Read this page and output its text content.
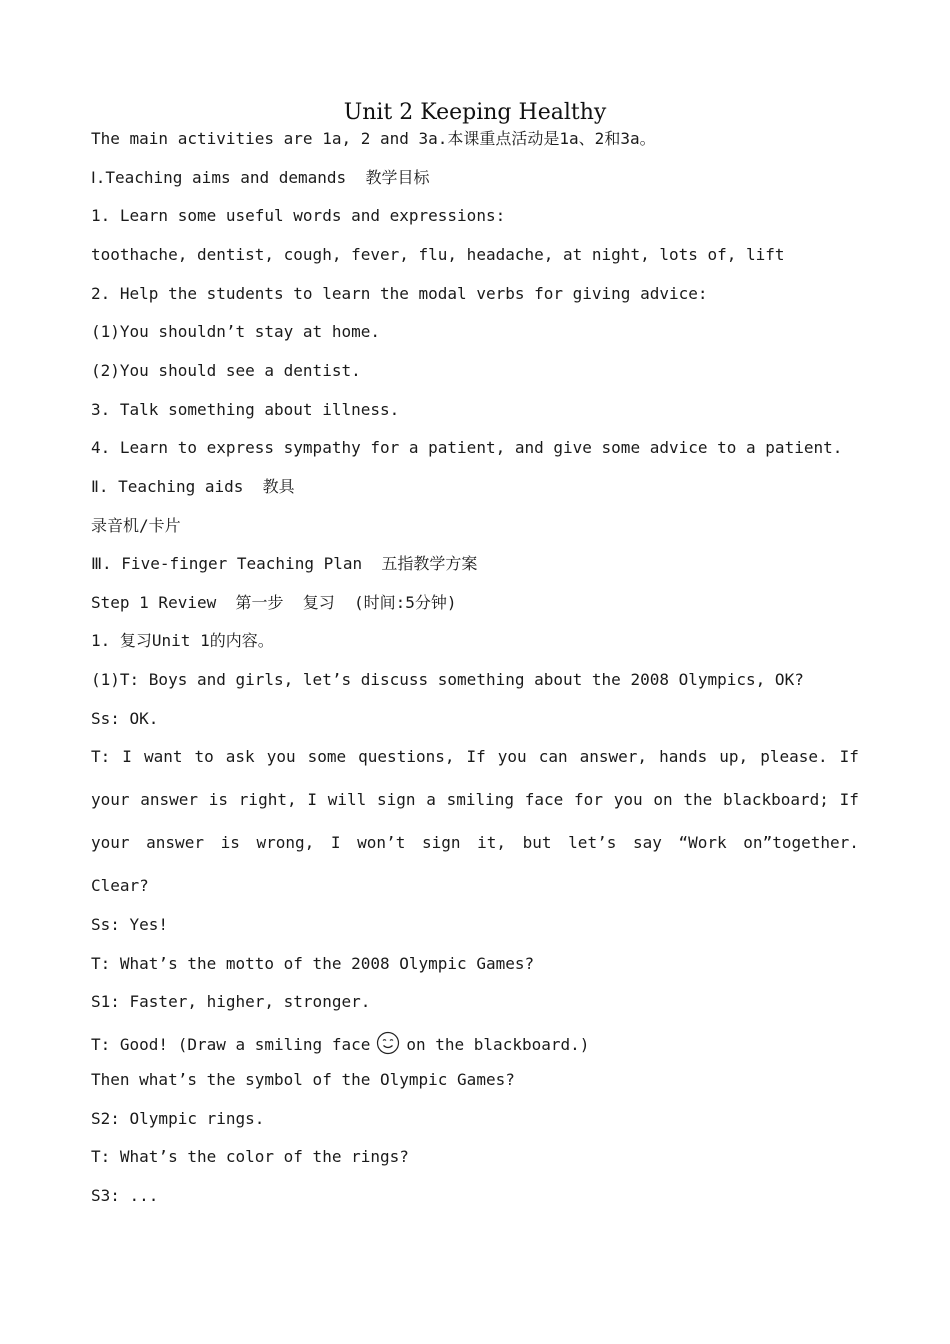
Unit 2 Keeping Healthy
The main activities are 1a, 2 and 3a.本课重点活动是1a、2和3a。
Ⅰ.Teaching aims and demands  教学目标
1. Learn some useful words and expressions:
toothache, dentist, cough, fever, flu, headache, at night, lots of, lift
2. Help the students to learn the modal verbs for giving advice:
(1)You shouldn’t stay at home.
(2)You should see a dentist.
3. Talk something about illness.
4. Learn to express sympathy for a patient, and give some advice to a patient.
Ⅱ. Teaching aids  教具
录音机/卡片
Ⅲ. Five-finger Teaching Plan  五指教学方案
Step 1 Review  第一步  复习  (时间:5分钟)
1. 复习Unit 1的内容。
(1)T: Boys and girls, let’s discuss something about the 2008 Olympics, OK?
Ss: OK.
T: I want to ask you some questions, If you can answer, hands up, please. If
your answer is right, I will sign a smiling face for you on the blackboard; If
your answer is wrong, I won’t sign it, but let’s say “Work on”together.
Clear?
Ss: Yes!
T: What’s the motto of the 2008 Olympic Games?
S1: Faster, higher, stronger.
T: Good! (Draw a smiling face on the blackboard.)
Then what’s the symbol of the Olympic Games?
S2: Olympic rings.
T: What’s the color of the rings?
S3: ...
